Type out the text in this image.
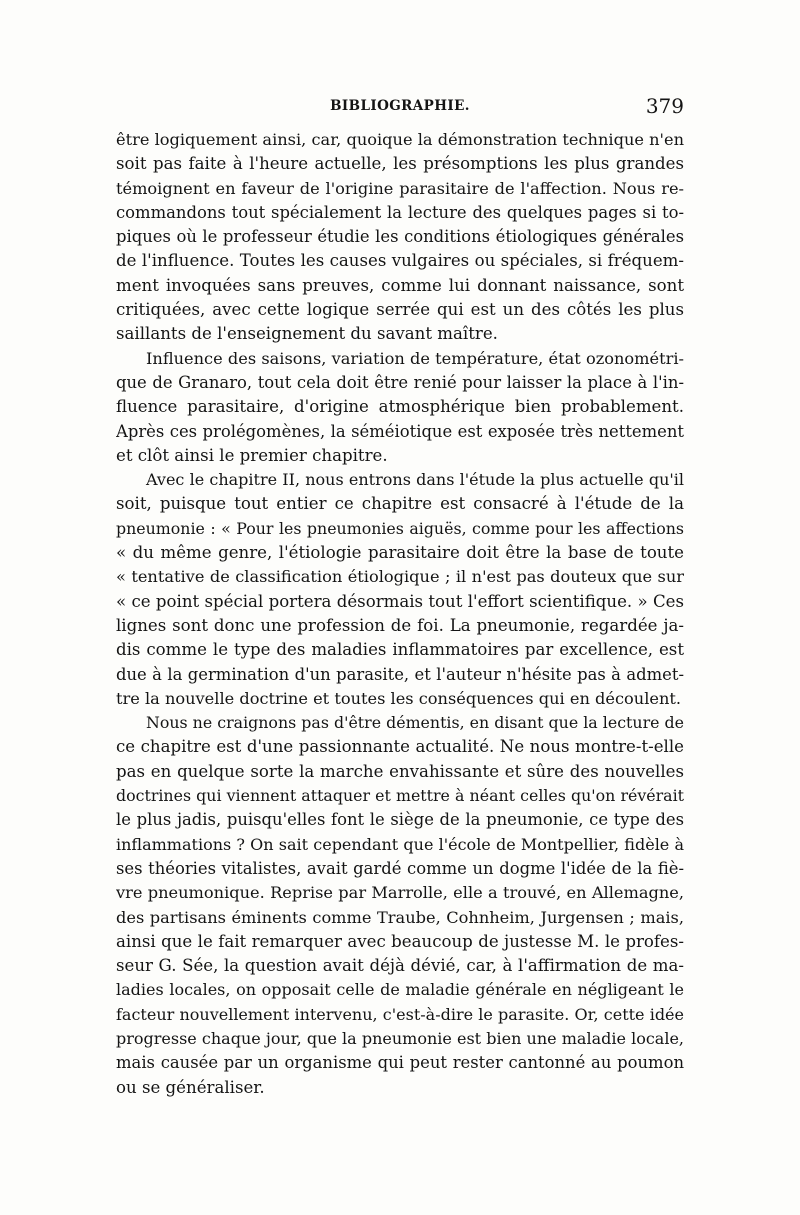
BIBLIOGRAPHIE.	379
être logiquement ainsi, car, quoique la démonstration technique n'en
soit pas faite à l'heure actuelle, les présomptions les plus grandes
témoignent en faveur de l'origine parasitaire de l'affection. Nous re-
commandons tout spécialement la lecture des quelques pages si to-
piques où le professeur étudie les conditions étiologiques générales
de l'influence. Toutes les causes vulgaires ou spéciales, si fréquem-
ment invoquées sans preuves, comme lui donnant naissance, sont
critiquées, avec cette logique serrée qui est un des côtés les plus
saillants de l'enseignement du savant maître.
Influence des saisons, variation de température, état ozonométri-
que de Granaro, tout cela doit être renié pour laisser la place à l'in-
fluence parasitaire, d'origine atmosphérique bien probablement.
Après ces prolégomènes, la séméiotique est exposée très nettement
et clôt ainsi le premier chapitre.
Avec le chapitre II, nous entrons dans l'étude la plus actuelle qu'il
soit, puisque tout entier ce chapitre est consacré à l'étude de la
pneumonie : « Pour les pneumonies aiguës, comme pour les affections
« du même genre, l'étiologie parasitaire doit être la base de toute
« tentative de classification étiologique ; il n'est pas douteux que sur
« ce point spécial portera désormais tout l'effort scientifique. » Ces
lignes sont donc une profession de foi. La pneumonie, regardée ja-
dis comme le type des maladies inflammatoires par excellence, est
due à la germination d'un parasite, et l'auteur n'hésite pas à admet-
tre la nouvelle doctrine et toutes les conséquences qui en découlent.
Nous ne craignons pas d'être démentis, en disant que la lecture de
ce chapitre est d'une passionnante actualité. Ne nous montre-t-elle
pas en quelque sorte la marche envahissante et sûre des nouvelles
doctrines qui viennent attaquer et mettre à néant celles qu'on révérait
le plus jadis, puisqu'elles font le siège de la pneumonie, ce type des
inflammations ? On sait cependant que l'école de Montpellier, fidèle à
ses théories vitalistes, avait gardé comme un dogme l'idée de la fiè-
vre pneumonique. Reprise par Marrolle, elle a trouvé, en Allemagne,
des partisans éminents comme Traube, Cohnheim, Jurgensen ; mais,
ainsi que le fait remarquer avec beaucoup de justesse M. le profes-
seur G. Sée, la question avait déjà dévié, car, à l'affirmation de ma-
ladies locales, on opposait celle de maladie générale en négligeant le
facteur nouvellement intervenu, c'est-à-dire le parasite. Or, cette idée
progresse chaque jour, que la pneumonie est bien une maladie locale,
mais causée par un organisme qui peut rester cantonné au poumon
ou se généraliser.
